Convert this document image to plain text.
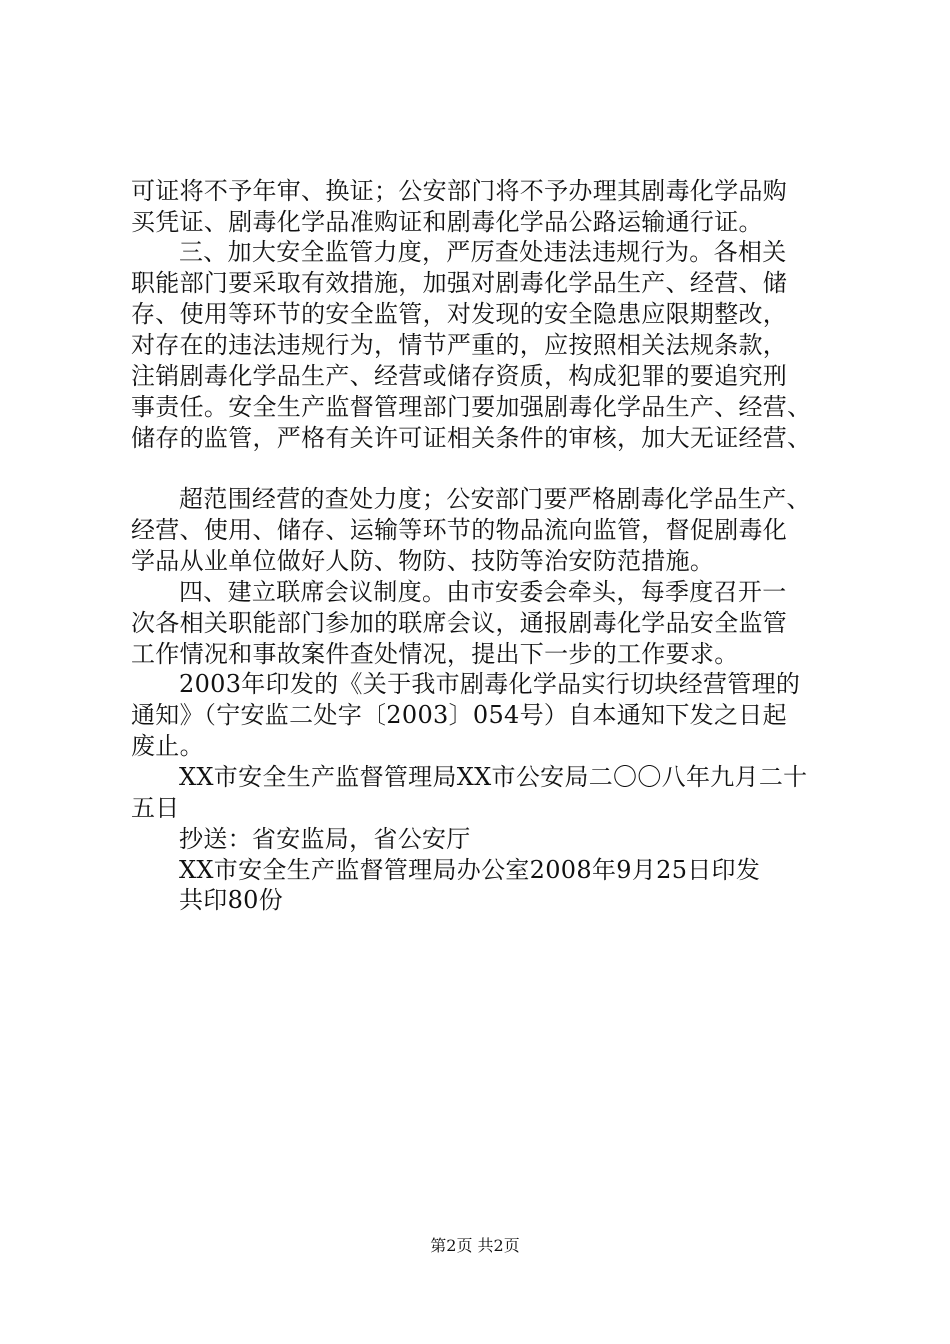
可证将不予年审、换证；公安部门将不予办理其剧毒化学品购
买凭证、剧毒化学品准购证和剧毒化学品公路运输通行证。
三、加大安全监管力度，严厉查处违法违规行为。各相关
职能部门要采取有效措施，加强对剧毒化学品生产、经营、储
存、使用等环节的安全监管，对发现的安全隐患应限期整改，
对存在的违法违规行为，情节严重的，应按照相关法规条款，
注销剧毒化学品生产、经营或储存资质，构成犯罪的要追究刑
事责任。安全生产监督管理部门要加强剧毒化学品生产、经营、
储存的监管，严格有关许可证相关条件的审核，加大无证经营、
超范围经营的查处力度；公安部门要严格剧毒化学品生产、
经营、使用、储存、运输等环节的物品流向监管，督促剧毒化
学品从业单位做好人防、物防、技防等治安防范措施。
四、建立联席会议制度。由市安委会牵头，每季度召开一
次各相关职能部门参加的联席会议，通报剧毒化学品安全监管
工作情况和事故案件查处情况，提出下一步的工作要求。
2003年印发的《关于我市剧毒化学品实行切块经营管理的
通知》（宁安监二处字〔2003〕054号）自本通知下发之日起
废止。
XX市安全生产监督管理局XX市公安局二〇〇八年九月二十
五日
抄送：省安监局，省公安厅
XX市安全生产监督管理局办公室2008年9月25日印发
共印80份
第2页 共2页
